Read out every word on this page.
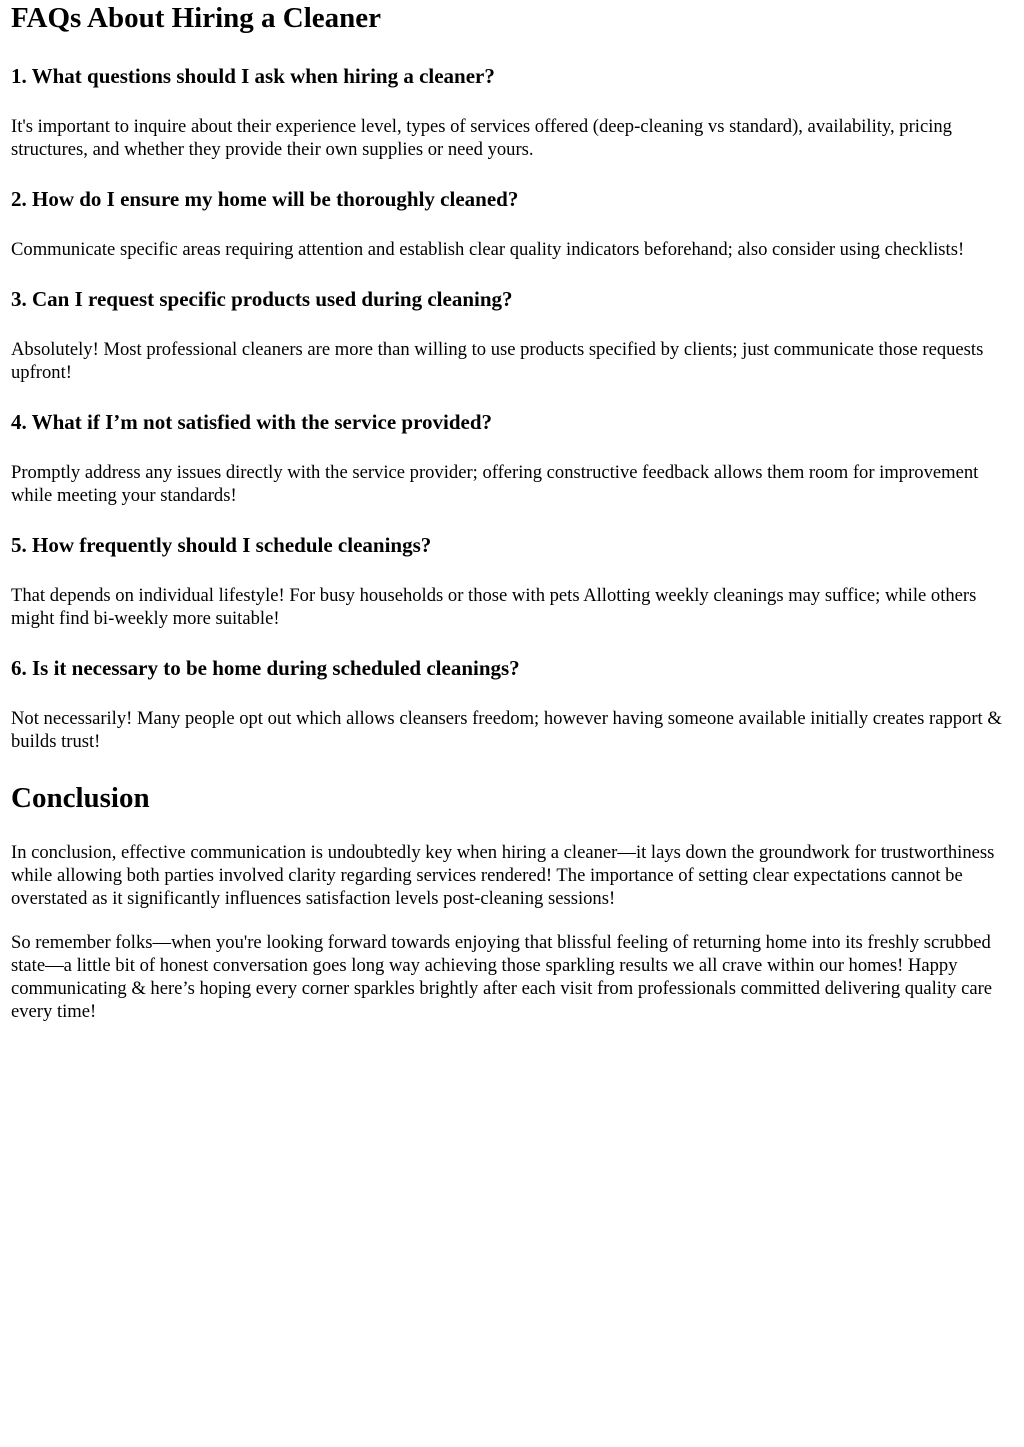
FAQs About Hiring a Cleaner
1. What questions should I ask when hiring a cleaner?

It's important to inquire about their experience level, types of services offered (deep-cleaning vs standard), availability, pricing structures, and whether they provide their own supplies or need yours.

2. How do I ensure my home will be thoroughly cleaned?

Communicate specific areas requiring attention and establish clear quality indicators beforehand; also consider using checklists!

3. Can I request specific products used during cleaning?

Absolutely! Most professional cleaners are more than willing to use products specified by clients; just communicate those requests upfront!

4. What if I’m not satisfied with the service provided?

Promptly address any issues directly with the service provider; offering constructive feedback allows them room for improvement while meeting your standards!

5. How frequently should I schedule cleanings?

That depends on individual lifestyle! For busy households or those with pets Allotting weekly cleanings may suffice; while others might find bi-weekly more suitable!

6. Is it necessary to be home during scheduled cleanings?

Not necessarily! Many people opt out which allows cleansers freedom; however having someone available initially creates rapport & builds trust!

Conclusion

In conclusion, effective communication is undoubtedly key when hiring a cleaner—it lays down the groundwork for trustworthiness while allowing both parties involved clarity regarding services rendered! The importance of setting clear expectations cannot be overstated as it significantly influences satisfaction levels post-cleaning sessions!

So remember folks—when you're looking forward towards enjoying that blissful feeling of returning home into its freshly scrubbed state—a little bit of honest conversation goes long way achieving those sparkling results we all crave within our homes! Happy communicating & here’s hoping every corner sparkles brightly after each visit from professionals committed delivering quality care every time!
